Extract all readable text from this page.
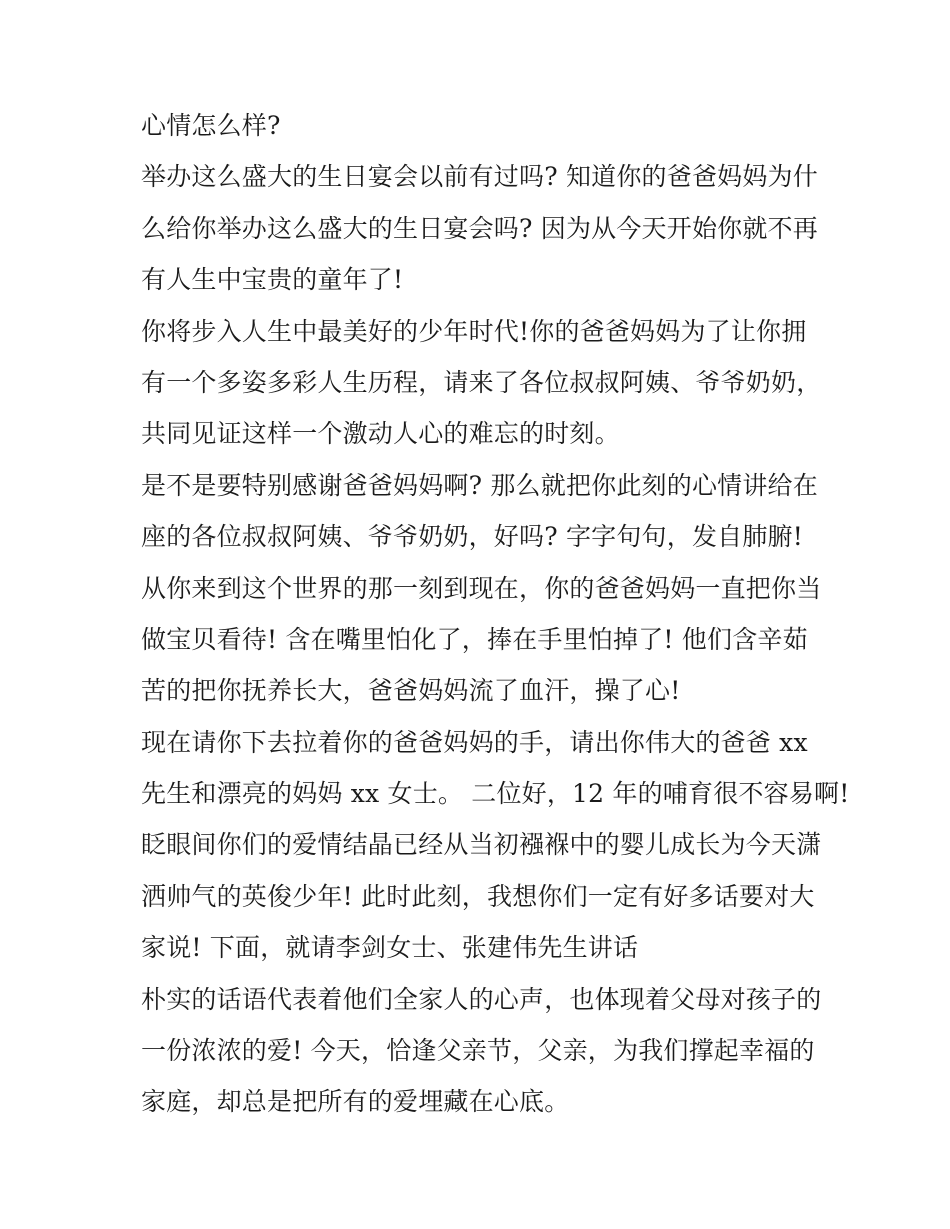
心情怎么样?
举办这么盛大的生日宴会以前有过吗? 知道你的爸爸妈妈为什
么给你举办这么盛大的生日宴会吗? 因为从今天开始你就不再
有人生中宝贵的童年了!
你将步入人生中最美好的少年时代!你的爸爸妈妈为了让你拥
有一个多姿多彩人生历程，请来了各位叔叔阿姨、爷爷奶奶，
共同见证这样一个激动人心的难忘的时刻。
是不是要特别感谢爸爸妈妈啊? 那么就把你此刻的心情讲给在
座的各位叔叔阿姨、爷爷奶奶，好吗? 字字句句，发自肺腑!
从你来到这个世界的那一刻到现在，你的爸爸妈妈一直把你当
做宝贝看待! 含在嘴里怕化了，捧在手里怕掉了! 他们含辛茹
苦的把你抚养长大，爸爸妈妈流了血汗，操了心!
现在请你下去拉着你的爸爸妈妈的手，请出你伟大的爸爸 xx
先生和漂亮的妈妈 xx 女士。 二位好，12 年的哺育很不容易啊!
眨眼间你们的爱情结晶已经从当初襁褓中的婴儿成长为今天潇
洒帅气的英俊少年! 此时此刻，我想你们一定有好多话要对大
家说! 下面，就请李剑女士、张建伟先生讲话
朴实的话语代表着他们全家人的心声，也体现着父母对孩子的
一份浓浓的爱! 今天，恰逢父亲节，父亲，为我们撑起幸福的
家庭，却总是把所有的爱埋藏在心底。
